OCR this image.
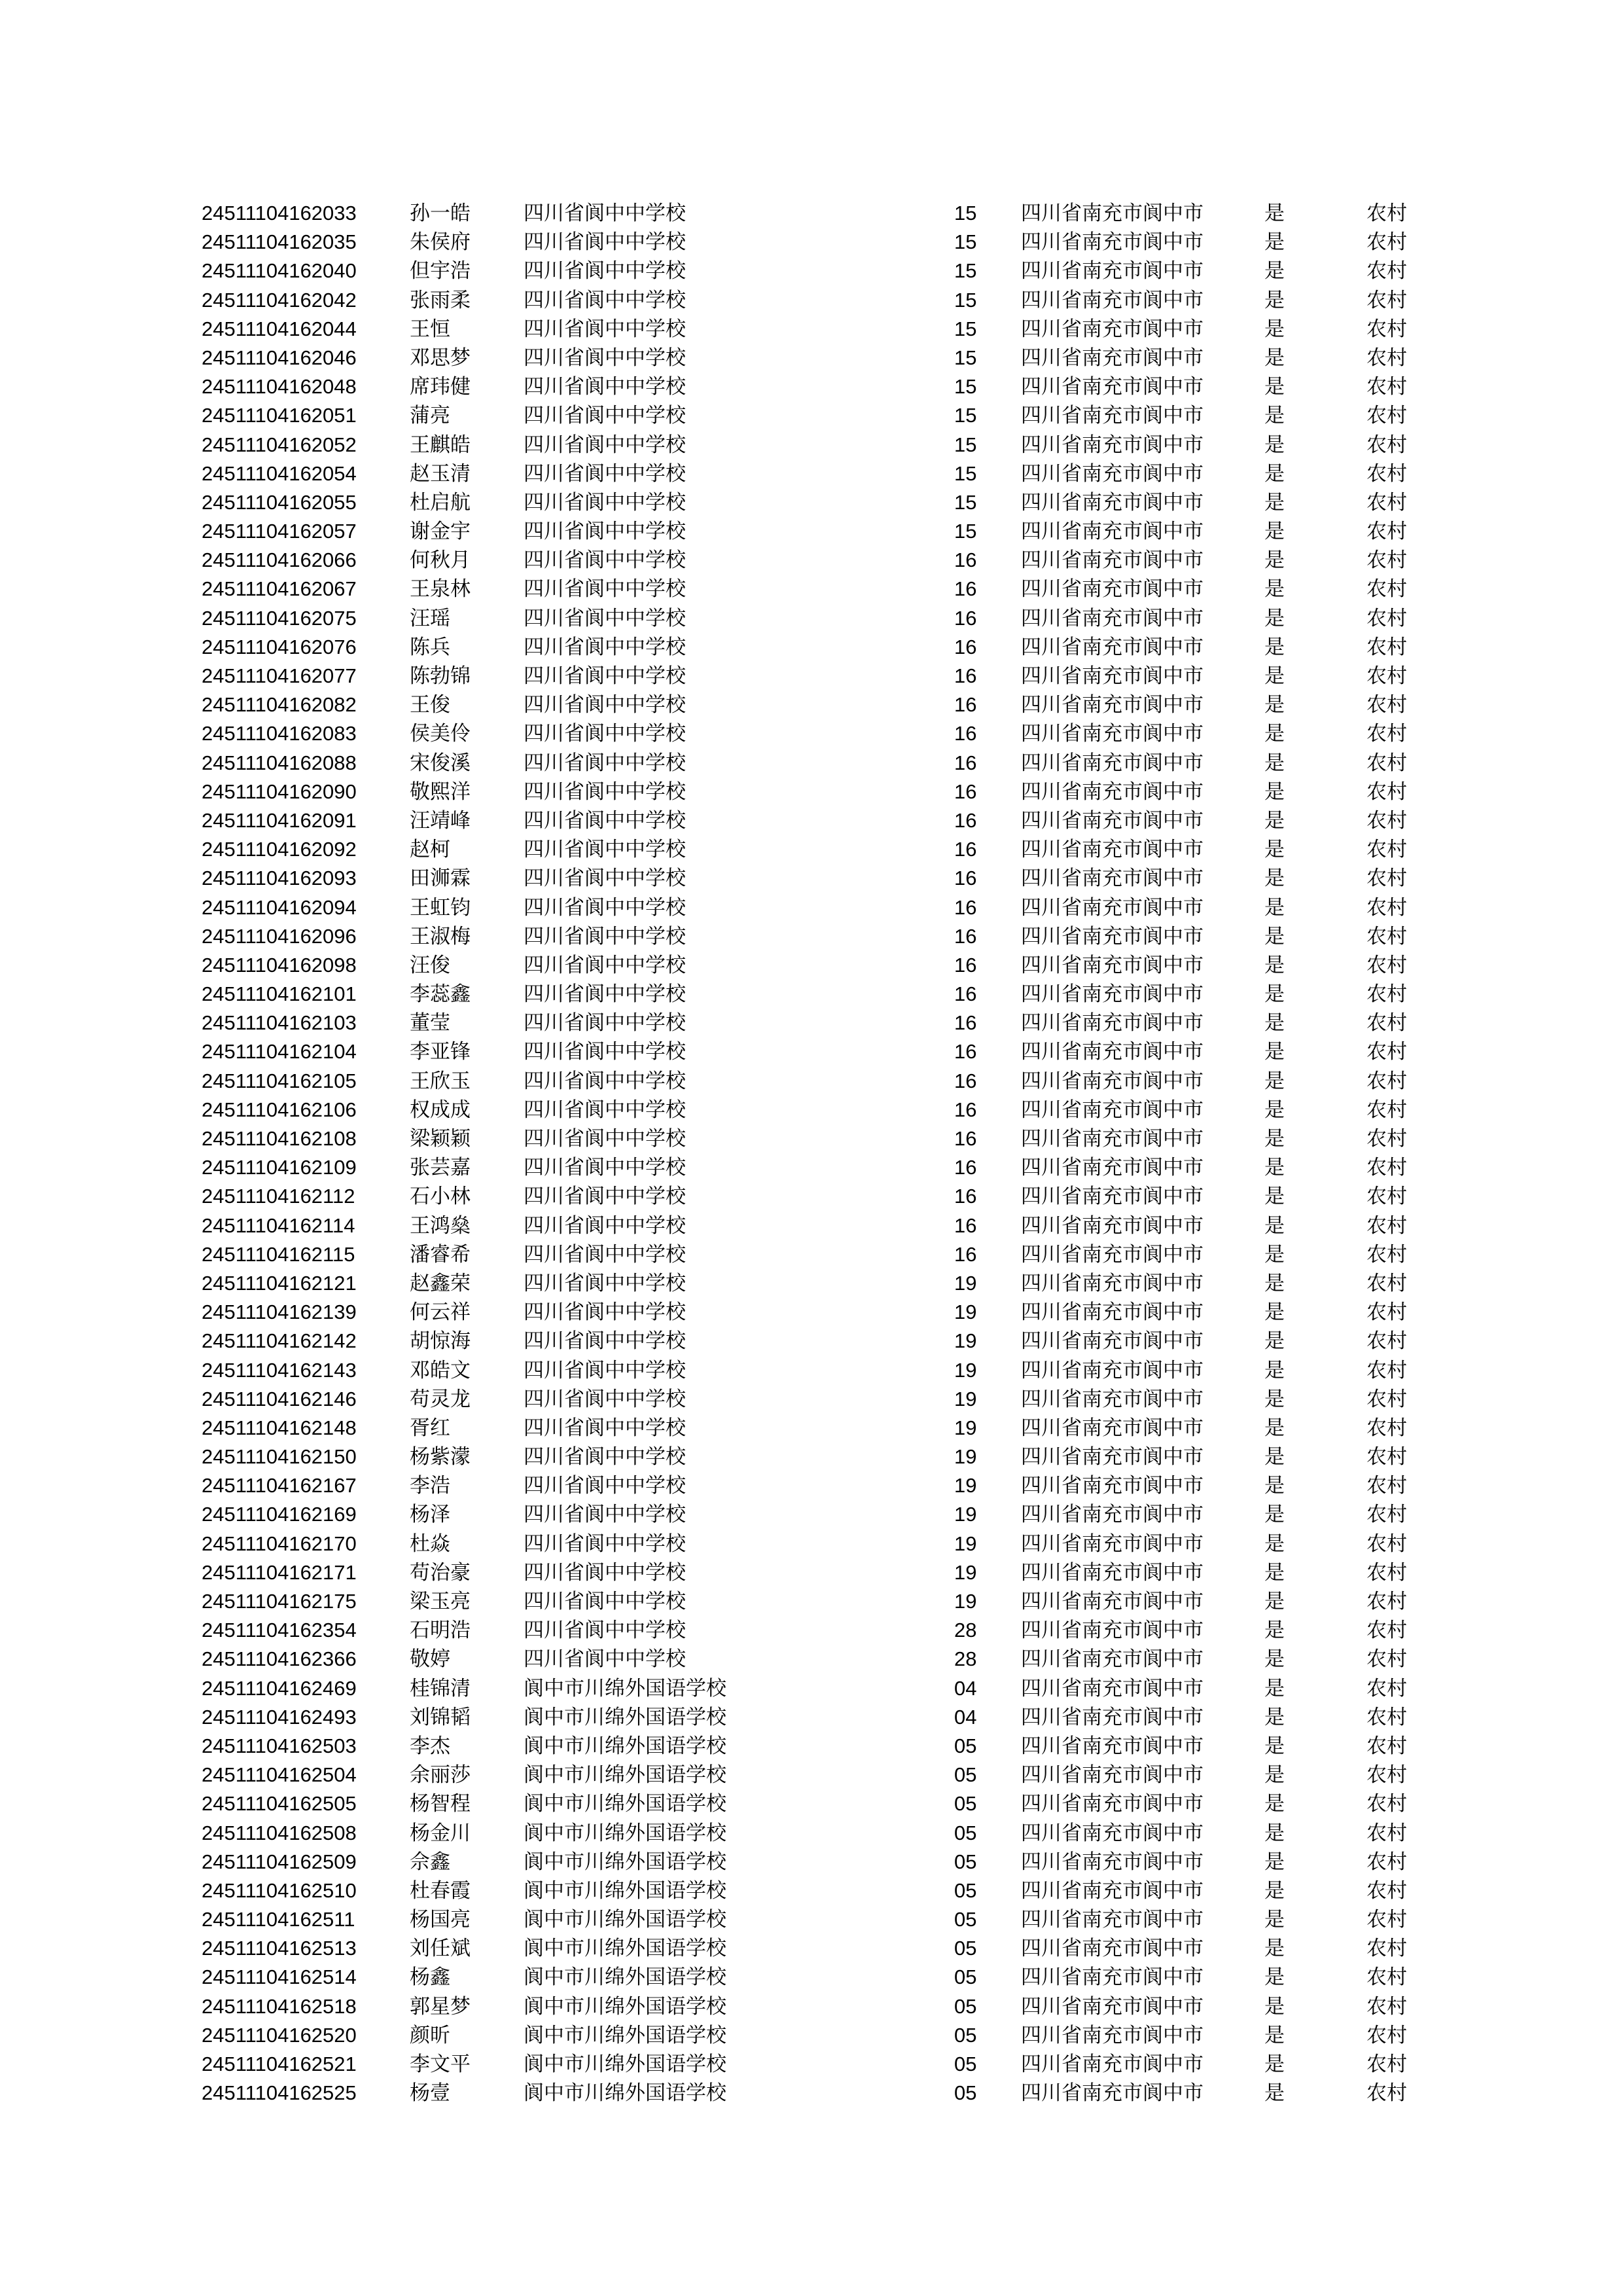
24511104162033	孙一皓	四川省阆中中学校	15 四川省南充市阆中市	是	农村
24511104162035	朱侯府	四川省阆中中学校	15 四川省南充市阆中市	是	农村
24511104162040	但宇浩	四川省阆中中学校	15 四川省南充市阆中市	是	农村
24511104162042	张雨柔	四川省阆中中学校	15 四川省南充市阆中市	是	农村
24511104162044	王恒	四川省阆中中学校	15 四川省南充市阆中市	是	农村
24511104162046	邓思梦	四川省阆中中学校	15 四川省南充市阆中市	是	农村
24511104162048	席玮健	四川省阆中中学校	15 四川省南充市阆中市	是	农村
24511104162051	蒲亮	四川省阆中中学校	15 四川省南充市阆中市	是	农村
24511104162052	王麒皓	四川省阆中中学校	15 四川省南充市阆中市	是	农村
24511104162054	赵玉清	四川省阆中中学校	15 四川省南充市阆中市	是	农村
24511104162055	杜启航	四川省阆中中学校	15 四川省南充市阆中市	是	农村
24511104162057	谢金宇	四川省阆中中学校	15 四川省南充市阆中市	是	农村
24511104162066	何秋月	四川省阆中中学校	16 四川省南充市阆中市	是	农村
24511104162067	王泉林	四川省阆中中学校	16 四川省南充市阆中市	是	农村
24511104162075	汪瑶	四川省阆中中学校	16 四川省南充市阆中市	是	农村
24511104162076	陈兵	四川省阆中中学校	16 四川省南充市阆中市	是	农村
24511104162077	陈勃锦	四川省阆中中学校	16 四川省南充市阆中市	是	农村
24511104162082	王俊	四川省阆中中学校	16 四川省南充市阆中市	是	农村
24511104162083	侯美伶	四川省阆中中学校	16 四川省南充市阆中市	是	农村
24511104162088	宋俊溪	四川省阆中中学校	16 四川省南充市阆中市	是	农村
24511104162090	敬熙洋	四川省阆中中学校	16 四川省南充市阆中市	是	农村
24511104162091	汪靖峰	四川省阆中中学校	16 四川省南充市阆中市	是	农村
24511104162092	赵柯	四川省阆中中学校	16 四川省南充市阆中市	是	农村
24511104162093	田浉霖	四川省阆中中学校	16 四川省南充市阆中市	是	农村
24511104162094	王虹钧	四川省阆中中学校	16 四川省南充市阆中市	是	农村
24511104162096	王淑梅	四川省阆中中学校	16 四川省南充市阆中市	是	农村
24511104162098	汪俊	四川省阆中中学校	16 四川省南充市阆中市	是	农村
24511104162101	李蕊鑫	四川省阆中中学校	16 四川省南充市阆中市	是	农村
24511104162103	董莹	四川省阆中中学校	16 四川省南充市阆中市	是	农村
24511104162104	李亚锋	四川省阆中中学校	16 四川省南充市阆中市	是	农村
24511104162105	王欣玉	四川省阆中中学校	16 四川省南充市阆中市	是	农村
24511104162106	权成成	四川省阆中中学校	16 四川省南充市阆中市	是	农村
24511104162108	梁颖颖	四川省阆中中学校	16 四川省南充市阆中市	是	农村
24511104162109	张芸嘉	四川省阆中中学校	16 四川省南充市阆中市	是	农村
24511104162112	石小林	四川省阆中中学校	16 四川省南充市阆中市	是	农村
24511104162114	王鸿燊	四川省阆中中学校	16 四川省南充市阆中市	是	农村
24511104162115	潘睿希	四川省阆中中学校	16 四川省南充市阆中市	是	农村
24511104162121	赵鑫荣	四川省阆中中学校	19 四川省南充市阆中市	是	农村
24511104162139	何云祥	四川省阆中中学校	19 四川省南充市阆中市	是	农村
24511104162142	胡惊海	四川省阆中中学校	19 四川省南充市阆中市	是	农村
24511104162143	邓皓文	四川省阆中中学校	19 四川省南充市阆中市	是	农村
24511104162146	苟灵龙	四川省阆中中学校	19 四川省南充市阆中市	是	农村
24511104162148	胥红	四川省阆中中学校	19 四川省南充市阆中市	是	农村
24511104162150	杨紫濛	四川省阆中中学校	19 四川省南充市阆中市	是	农村
24511104162167	李浩	四川省阆中中学校	19 四川省南充市阆中市	是	农村
24511104162169	杨泽	四川省阆中中学校	19 四川省南充市阆中市	是	农村
24511104162170	杜焱	四川省阆中中学校	19 四川省南充市阆中市	是	农村
24511104162171	苟治豪	四川省阆中中学校	19 四川省南充市阆中市	是	农村
24511104162175	梁玉亮	四川省阆中中学校	19 四川省南充市阆中市	是	农村
24511104162354	石明浩	四川省阆中中学校	28 四川省南充市阆中市	是	农村
24511104162366	敬婷	四川省阆中中学校	28 四川省南充市阆中市	是	农村
24511104162469	桂锦清	阆中市川绵外国语学校	04 四川省南充市阆中市	是	农村
24511104162493	刘锦韬	阆中市川绵外国语学校	04 四川省南充市阆中市	是	农村
24511104162503	李杰	阆中市川绵外国语学校	05 四川省南充市阆中市	是	农村
24511104162504	余丽莎	阆中市川绵外国语学校	05 四川省南充市阆中市	是	农村
24511104162505	杨智程	阆中市川绵外国语学校	05 四川省南充市阆中市	是	农村
24511104162508	杨金川	阆中市川绵外国语学校	05 四川省南充市阆中市	是	农村
24511104162509	佘鑫	阆中市川绵外国语学校	05 四川省南充市阆中市	是	农村
24511104162510	杜春霞	阆中市川绵外国语学校	05 四川省南充市阆中市	是	农村
24511104162511	杨国亮	阆中市川绵外国语学校	05 四川省南充市阆中市	是	农村
24511104162513	刘任斌	阆中市川绵外国语学校	05 四川省南充市阆中市	是	农村
24511104162514	杨鑫	阆中市川绵外国语学校	05 四川省南充市阆中市	是	农村
24511104162518	郭星梦	阆中市川绵外国语学校	05 四川省南充市阆中市	是	农村
24511104162520	颜昕	阆中市川绵外国语学校	05 四川省南充市阆中市	是	农村
24511104162521	李文平	阆中市川绵外国语学校	05 四川省南充市阆中市	是	农村
24511104162525	杨壹	阆中市川绵外国语学校	05 四川省南充市阆中市	是	农村
